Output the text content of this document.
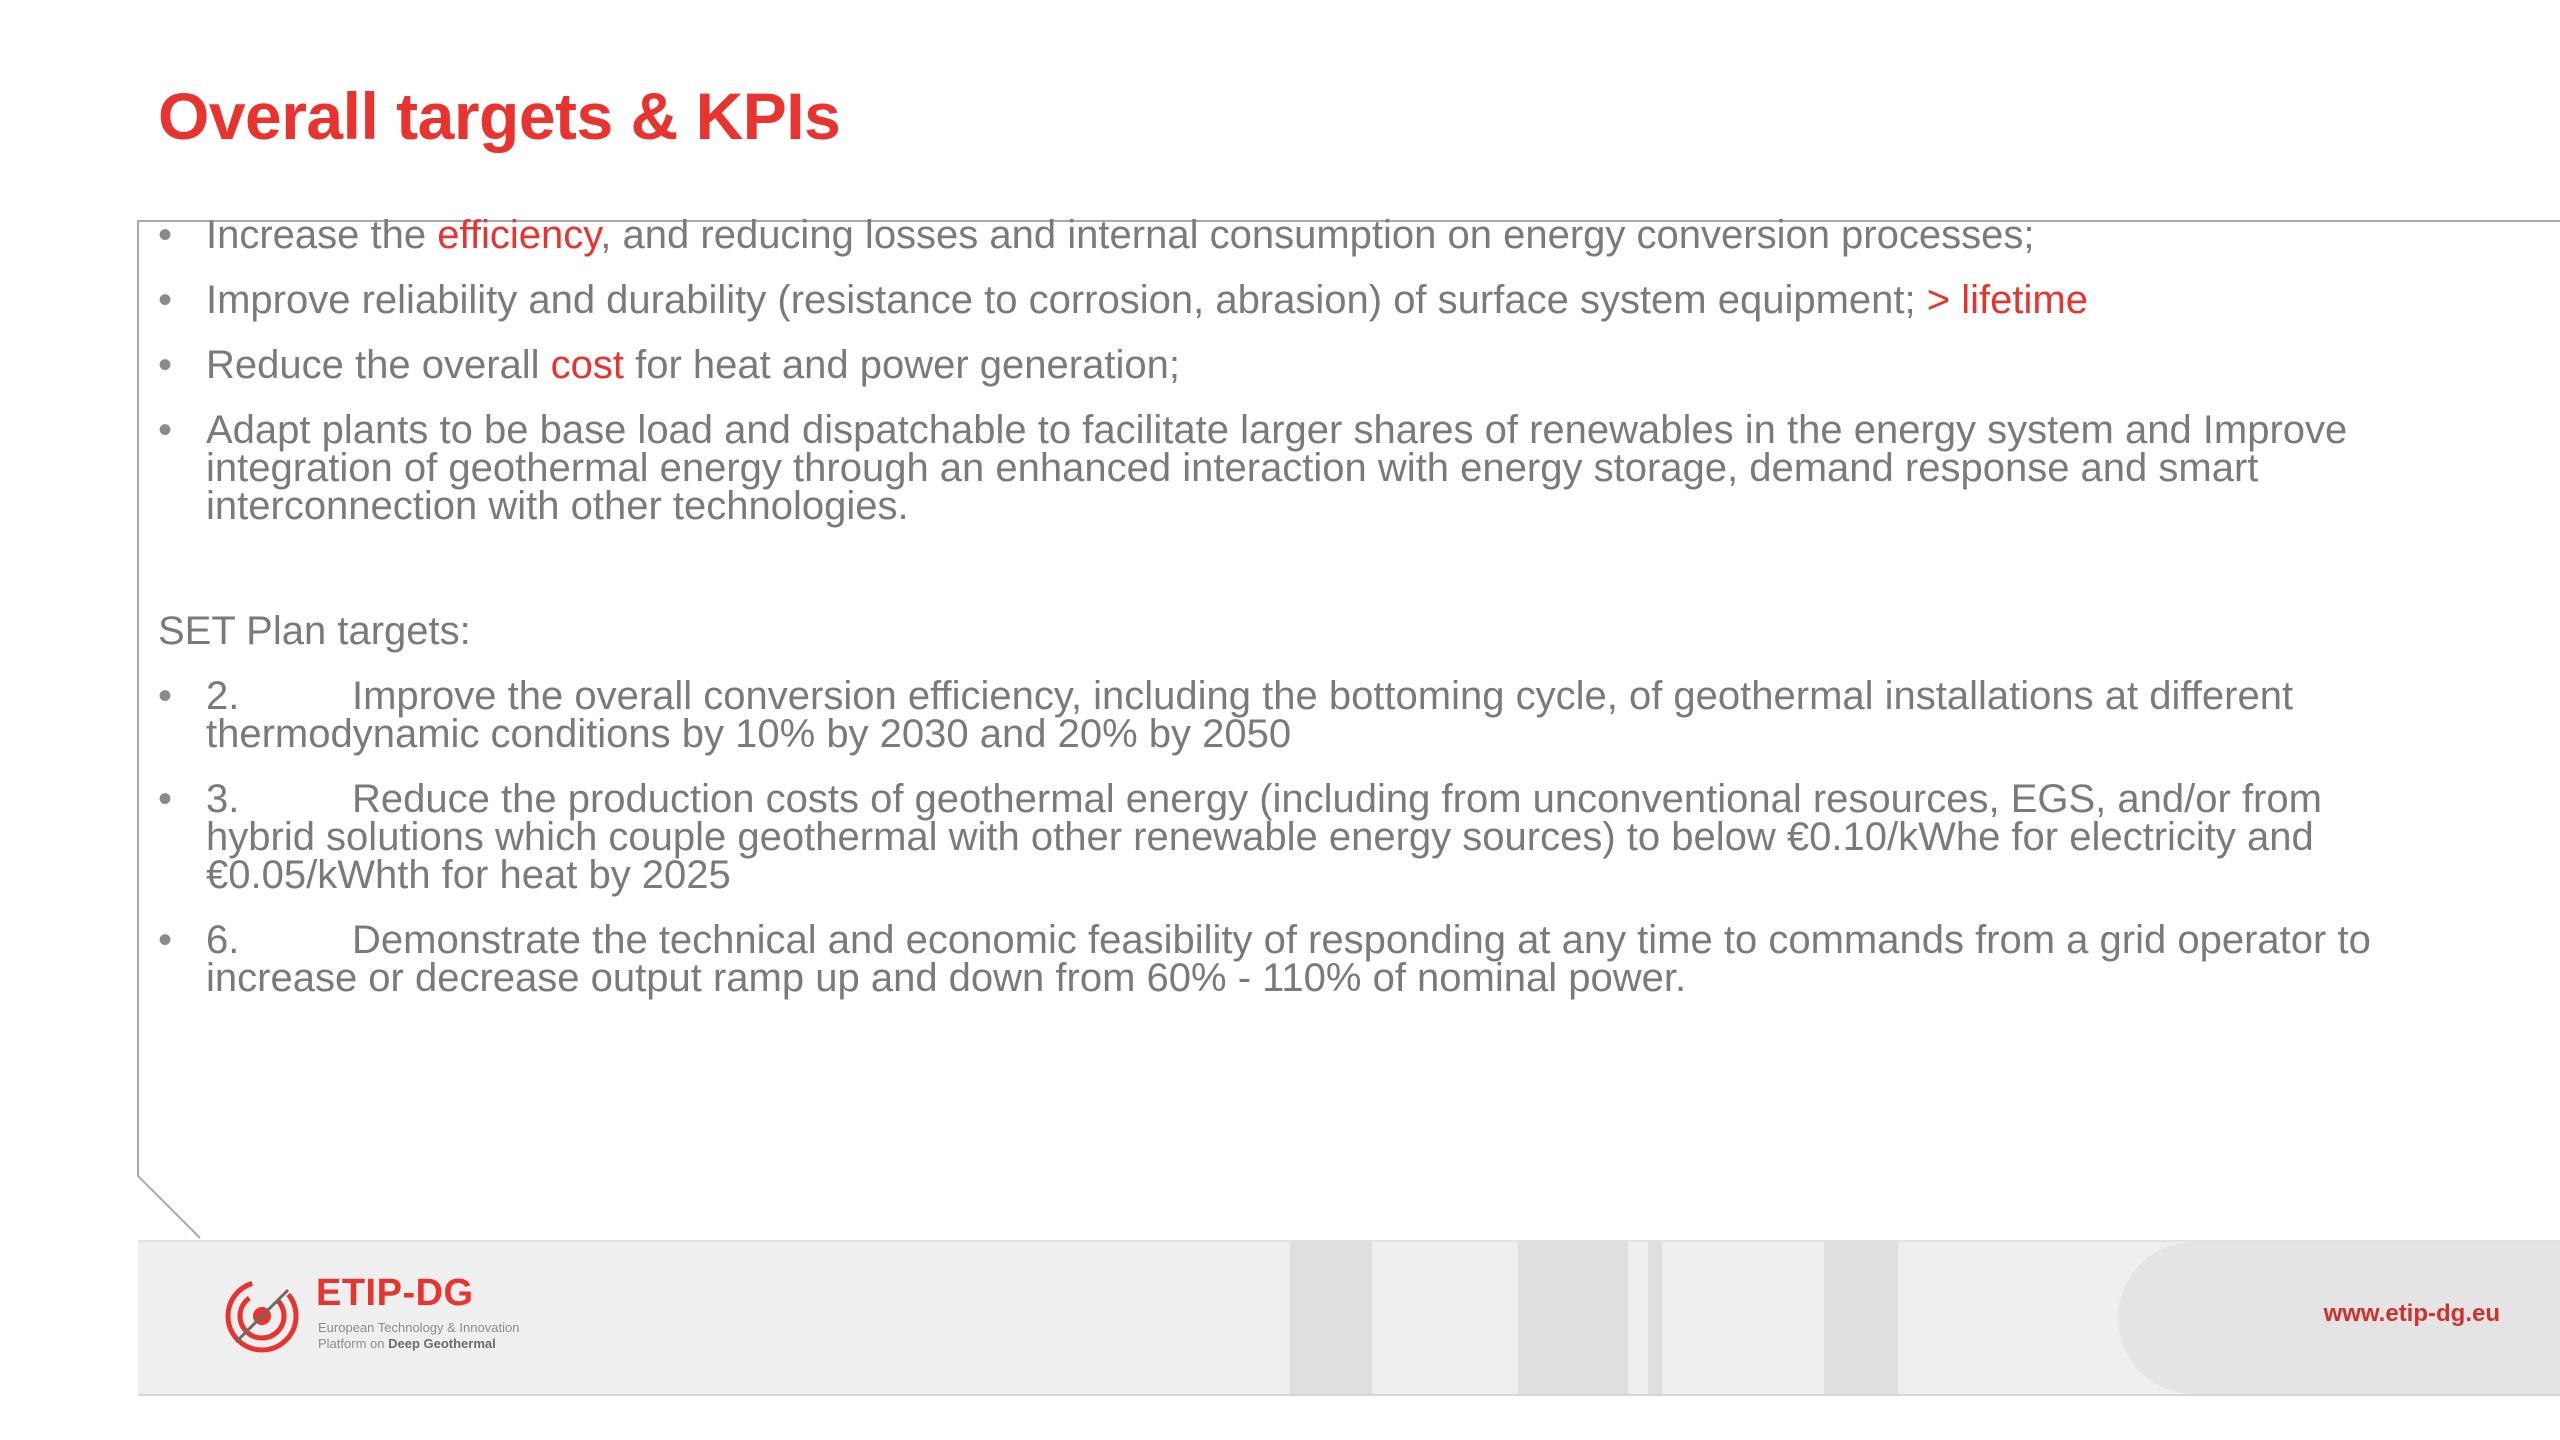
Overall targets & KPIs
• Increase the efficiency, and reducing losses and internal consumption on energy conversion processes;
• Improve reliability and durability (resistance to corrosion, abrasion) of surface system equipment; > lifetime
• Reduce the overall cost for heat and power generation;
• Adapt plants to be base load and dispatchable to facilitate larger shares of renewables in the energy system and Improve integration of geothermal energy through an enhanced interaction with energy storage, demand response and smart interconnection with other technologies.
SET Plan targets:
• 2.	Improve the overall conversion efficiency, including the bottoming cycle, of geothermal installations at different thermodynamic conditions by 10% by 2030 and 20% by 2050
• 3.	Reduce the production costs of geothermal energy (including from unconventional resources, EGS, and/or from hybrid solutions which couple geothermal with other renewable energy sources) to below €0.10/kWhe for electricity and €0.05/kWhth for heat by 2025
• 6.	Demonstrate the technical and economic feasibility of responding at any time to commands from a grid operator to increase or decrease output ramp up and down from 60% - 110% of nominal power.
ETIP-DG
European Technology & Innovation
Platform on Deep Geothermal
www.etip-dg.eu
